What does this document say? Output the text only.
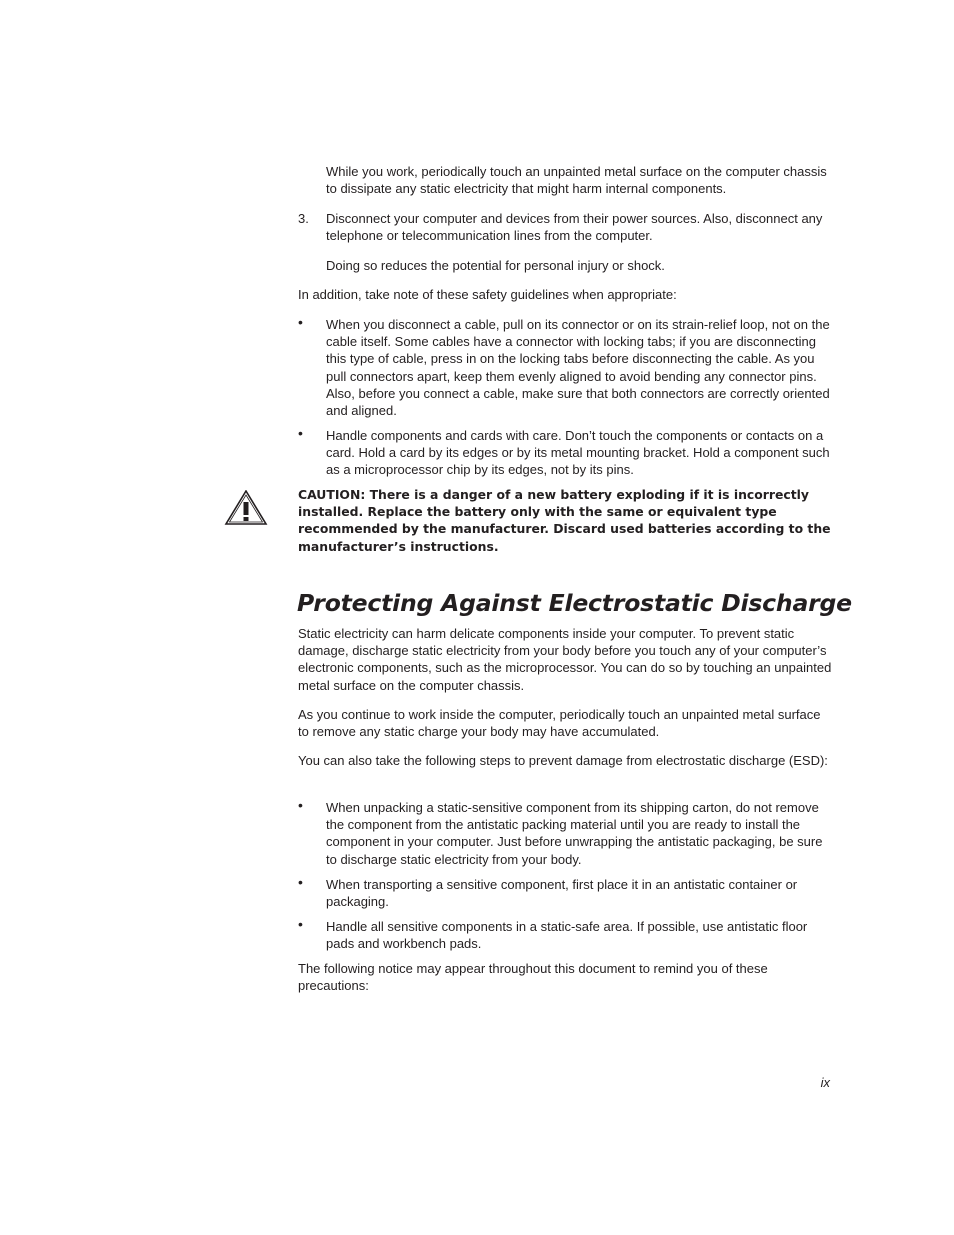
While you work, periodically touch an unpainted metal surface on the computer chassis to dissipate any static electricity that might harm internal components.

3. Disconnect your computer and devices from their power sources. Also, disconnect any telephone or telecommunication lines from the computer.

Doing so reduces the potential for personal injury or shock.

In addition, take note of these safety guidelines when appropriate:

• When you disconnect a cable, pull on its connector or on its strain-relief loop, not on the cable itself. Some cables have a connector with locking tabs; if you are disconnecting this type of cable, press in on the locking tabs before disconnecting the cable. As you pull connectors apart, keep them evenly aligned to avoid bending any connector pins. Also, before you connect a cable, make sure that both connectors are correctly oriented and aligned.

• Handle components and cards with care. Don’t touch the components or contacts on a card. Hold a card by its edges or by its metal mounting bracket. Hold a component such as a microprocessor chip by its edges, not by its pins.

CAUTION: There is a danger of a new battery exploding if it is incorrectly installed. Replace the battery only with the same or equivalent type recommended by the manufacturer. Discard used batteries according to the manufacturer’s instructions.

Protecting Against Electrostatic Discharge

Static electricity can harm delicate components inside your computer. To prevent static damage, discharge static electricity from your body before you touch any of your computer’s electronic components, such as the microprocessor. You can do so by touching an unpainted metal surface on the computer chassis.

As you continue to work inside the computer, periodically touch an unpainted metal surface to remove any static charge your body may have accumulated.

You can also take the following steps to prevent damage from electrostatic discharge (ESD):

• When unpacking a static-sensitive component from its shipping carton, do not remove the component from the antistatic packing material until you are ready to install the component in your computer. Just before unwrapping the antistatic packaging, be sure to discharge static electricity from your body.

• When transporting a sensitive component, first place it in an antistatic container or packaging.

• Handle all sensitive components in a static-safe area. If possible, use antistatic floor pads and workbench pads.

The following notice may appear throughout this document to remind you of these precautions:

ix
